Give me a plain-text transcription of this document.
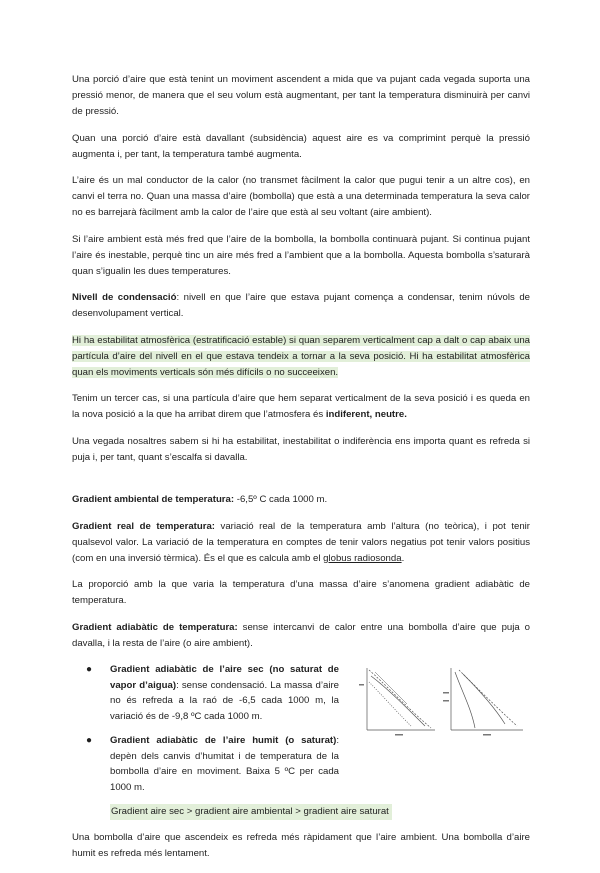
Una porció d’aire que està tenint un moviment ascendent a mida que va pujant cada vegada suporta una pressió menor, de manera que el seu volum està augmentant, per tant la temperatura disminuirà per canvi de pressió.

Quan una porció d’aire està davallant (subsidència) aquest aire es va comprimint perquè la pressió augmenta i, per tant, la temperatura també augmenta.

L’aire és un mal conductor de la calor (no transmet fàcilment la calor que pugui tenir a un altre cos), en canvi el terra no. Quan una massa d’aire (bombolla) que està a una determinada temperatura la seva calor no es barrejarà fàcilment amb la calor de l’aire que està al seu voltant (aire ambient).

Si l’aire ambient està més fred que l’aire de la bombolla, la bombolla continuarà pujant. Si continua pujant l’aire és inestable, perquè tinc un aire més fred a l’ambient que a la bombolla. Aquesta bombolla s’saturarà quan s’igualin les dues temperatures.

Nivell de condensació: nivell en que l’aire que estava pujant comença a condensar, tenim núvols de desenvolupament vertical.

Hi ha estabilitat atmosfèrica (estratificació estable) si quan separem verticalment cap a dalt o cap abaix una partícula d’aire del nivell en el que estava tendeix a tornar a la seva posició. Hi ha estabilitat atmosfèrica quan els moviments verticals són més difícils o no succeeixen.

Tenim un tercer cas, si una partícula d’aire que hem separat verticalment de la seva posició i es queda en la nova posició a la que ha arribat direm que l’atmosfera és indiferent, neutre.

Una vegada nosaltres sabem si hi ha estabilitat, inestabilitat o indiferència ens importa quant es refreda si puja i, per tant, quant s’escalfa si davalla.

Gradient ambiental de temperatura: -6,5º C cada 1000 m.

Gradient real de temperatura: variació real de la temperatura amb l’altura (no teòrica), i pot tenir qualsevol valor. La variació de la temperatura en comptes de tenir valors negatius pot tenir valors positius (com en una inversió tèrmica). És el que es calcula amb el globus radiosonda.

La proporció amb la que varia la temperatura d’una massa d’aire s’anomena gradient adiabàtic de temperatura.

Gradient adiabàtic de temperatura: sense intercanvi de calor entre una bombolla d’aire que puja o davalla, i la resta de l’aire (o aire ambient).

●	Gradient adiabàtic de l’aire sec (no saturat de vapor d’aigua): sense condensació. La massa d’aire no és refreda a la raó de -6,5 cada 1000 m, la variació és de -9,8 ºC cada 1000 m.
●	Gradient adiabàtic de l’aire humit (o saturat): depèn dels canvis d’humitat i de temperatura de la bombolla d’aire en moviment. Baixa 5 ºC per cada 1000 m.

Gradient aire sec > gradient aire ambiental > gradient aire saturat

Una bombolla d’aire que ascendeix es refreda més ràpidament que l’aire ambient. Una bombolla d’aire humit es refreda més lentament.
